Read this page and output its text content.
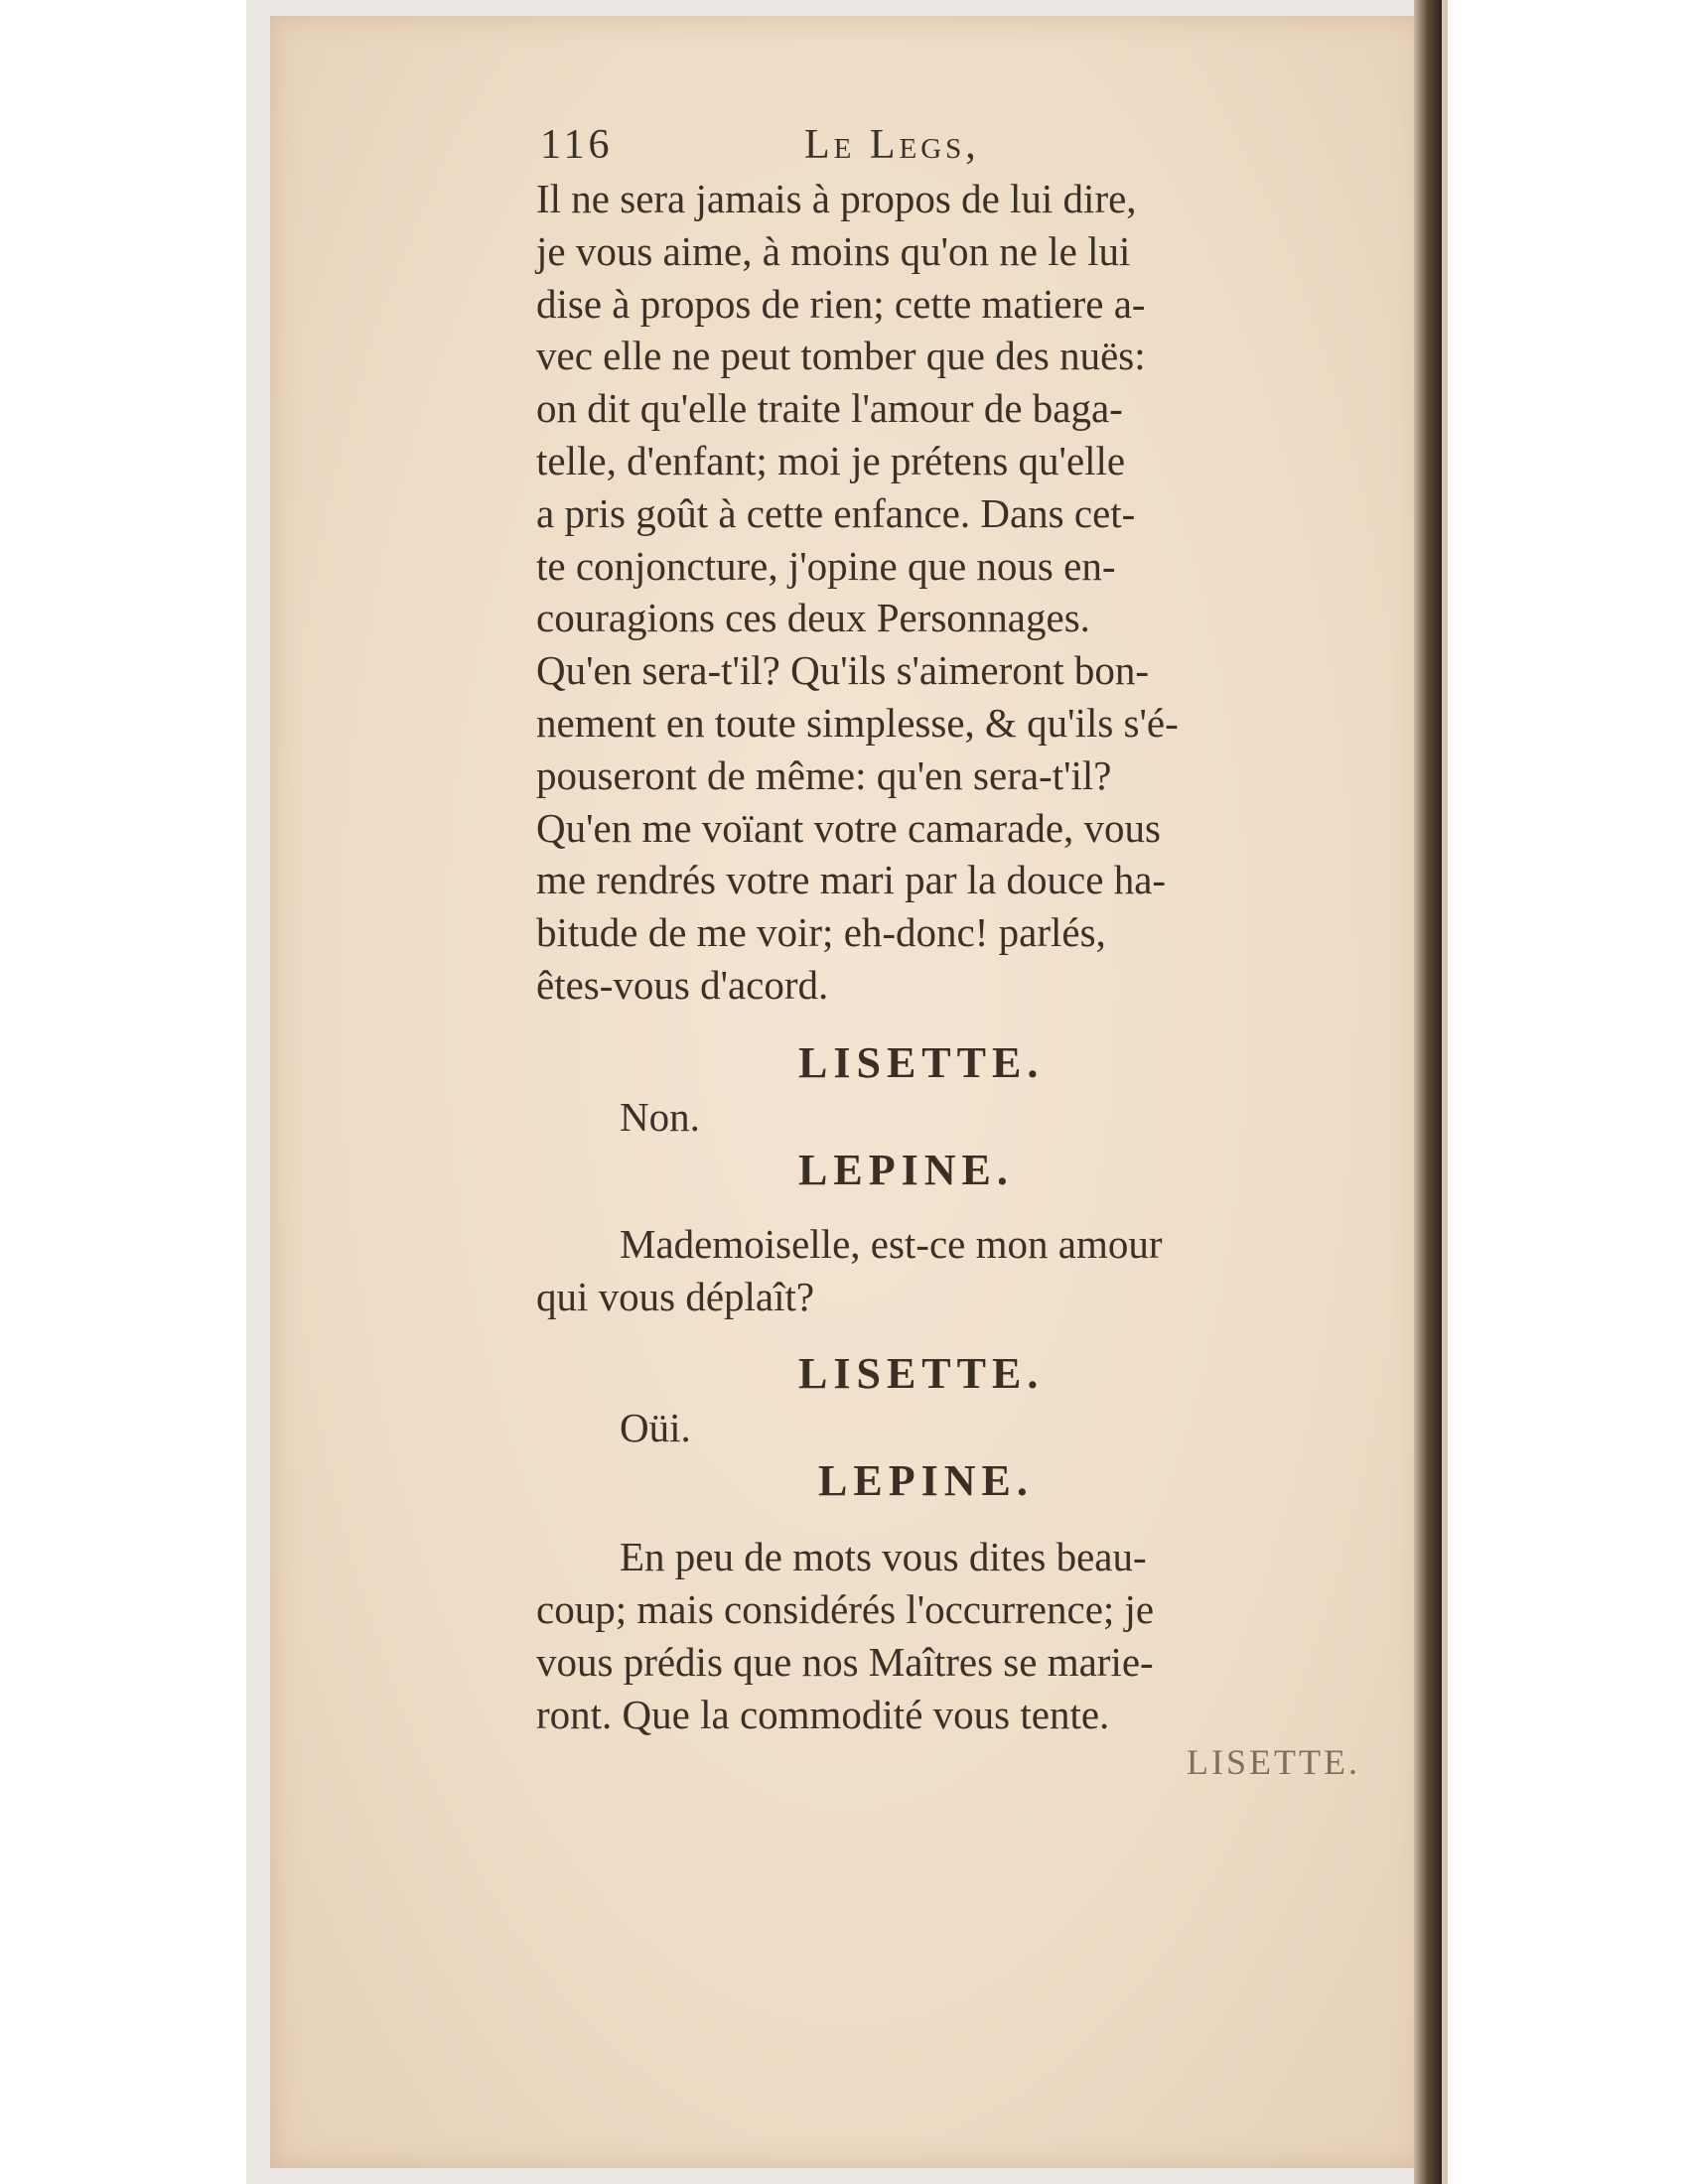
116	Le Legs,
Il ne sera jamais à propos de lui dire,
je vous aime, à moins qu'on ne le lui
dise à propos de rien; cette matiere a-
vec elle ne peut tomber que des nuës:
on dit qu'elle traite l'amour de baga-
telle, d'enfant; moi je prétens qu'elle
a pris goût à cette enfance. Dans cet-
te conjoncture, j'opine que nous en-
couragions ces deux Personnages.
Qu'en sera-t'il? Qu'ils s'aimeront bon-
nement en toute simplesse, & qu'ils s'é-
pouseront de même: qu'en sera-t'il?
Qu'en me voïant votre camarade, vous
me rendrés votre mari par la douce ha-
bitude de me voir; eh-donc! parlés,
êtes-vous d'acord.
LISETTE.
Non.
LEPINE.
Mademoiselle, est-ce mon amour
qui vous déplaît?
LISETTE.
Oüi.
LEPINE.
En peu de mots vous dites beau-
coup; mais considérés l'occurrence; je
vous prédis que nos Maîtres se marie-
ront. Que la commodité vous tente.
LISETTE.
